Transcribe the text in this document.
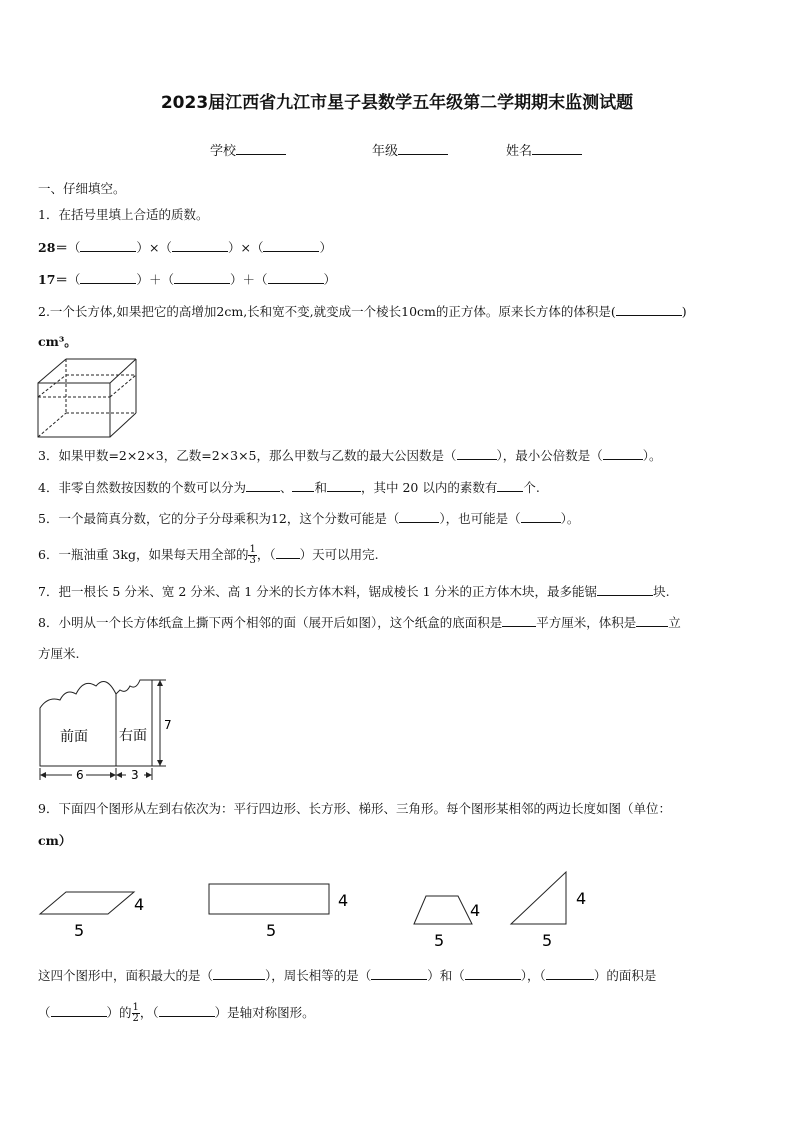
2023届江西省九江市星子县数学五年级第二学期期末监测试题
学校	年级	姓名
一、仔细填空。
1．在括号里填上合适的质数。
28＝（	）×（	）×（	）
17＝（	）＋（	）＋（	）
2.一个长方体,如果把它的高增加2cm,长和宽不变,就变成一个棱长10cm的正方体。原来长方体的体积是(	)
cm³。
3．如果甲数=2×2×3，乙数=2×3×5，那么甲数与乙数的最大公因数是（	），最小公倍数是（	）。
4．非零自然数按因数的个数可以分为	、 和	，其中 20 以内的素数有 个.
5．一个最简真分数，它的分子分母乘积为12，这个分数可能是（	），也可能是（	）。
6．一瓶油重 3kg，如果每天用全部的 $\frac{1}{3}$ ，（ ）天可以用完.
7．把一根长 5 分米、宽 2 分米、高 1 分米的长方体木料，锯成棱长 1 分米的正方体木块，最多能锯	块.
8．小明从一个长方体纸盒上撕下两个相邻的面（展开后如图），这个纸盒的底面积是	平方厘米，体积是	立
方厘米.
前面 右面
6	3
7
9．下面四个图形从左到右依次为：平行四边形、长方形、梯形、三角形。每个图形某相邻的两边长度如图（单位：
cm）
4
5
4
5
4
5
4
5
这四个图形中，面积最大的是（	），周长相等的是（	）和（	），（	）的面积是
（	）的 $\frac{1}{2}$ ，（	）是轴对称图形。
